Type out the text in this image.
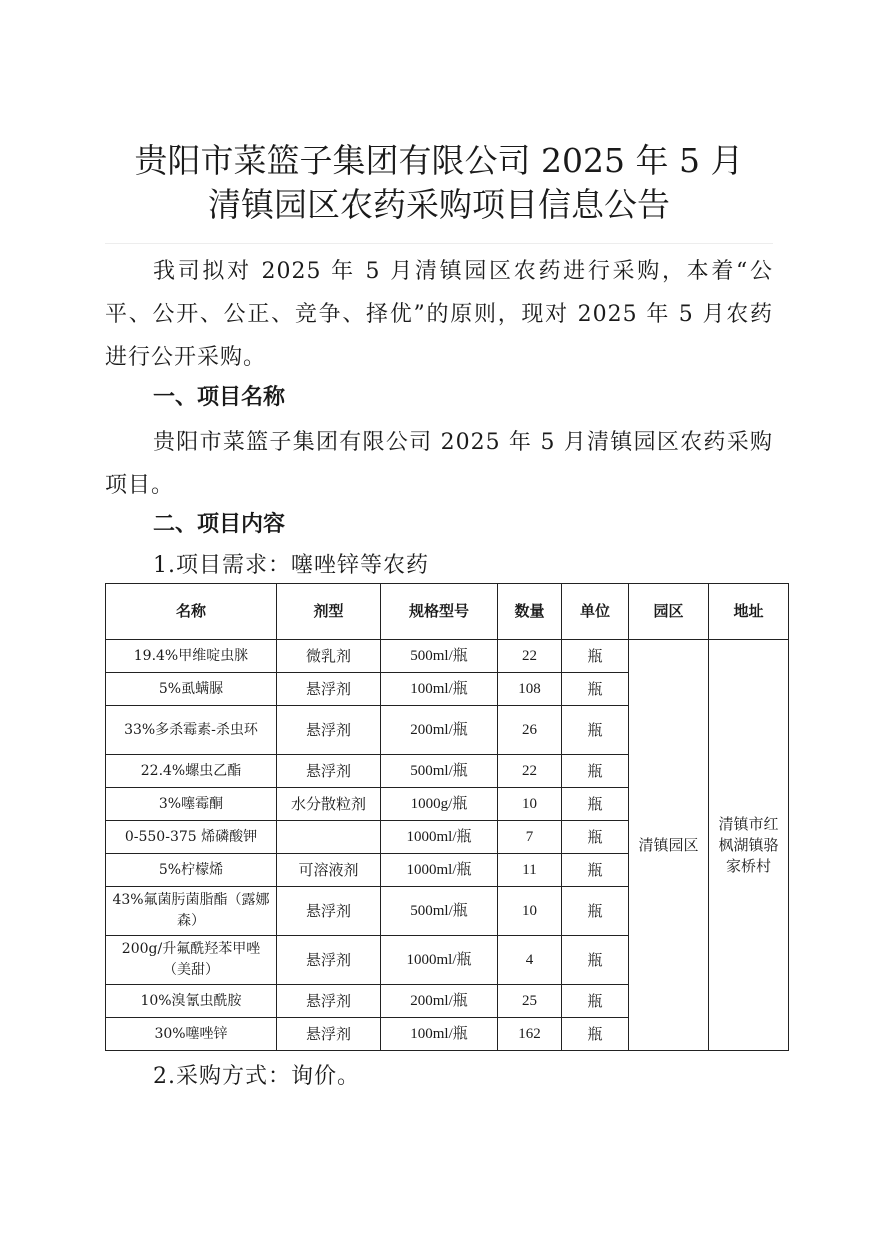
贵阳市菜篮子集团有限公司 2025 年 5 月
清镇园区农药采购项目信息公告
我司拟对 2025 年 5 月清镇园区农药进行采购，本着“公平、公开、公正、竞争、择优”的原则，现对 2025 年 5 月农药进行公开采购。
一、项目名称
贵阳市菜篮子集团有限公司 2025 年 5 月清镇园区农药采购项目。
二、项目内容
1.项目需求：噻唑锌等农药
名称	剂型	规格型号	数量	单位	园区	地址
19.4%甲维啶虫脒	微乳剂	500ml/瓶	22	瓶	清镇园区	清镇市红枫湖镇骆家桥村
5%虱螨脲	悬浮剂	100ml/瓶	108	瓶		
33%多杀霉素-杀虫环	悬浮剂	200ml/瓶	26	瓶		
22.4%螺虫乙酯	悬浮剂	500ml/瓶	22	瓶		
3%噻霉酮	水分散粒剂	1000g/瓶	10	瓶		
0-550-375 烯磷酸钾		1000ml/瓶	7	瓶		
5%柠檬烯	可溶液剂	1000ml/瓶	11	瓶		
43%氟菌肟菌脂酯（露娜森）	悬浮剂	500ml/瓶	10	瓶		
200g/升氟酰羟苯甲唑（美甜）	悬浮剂	1000ml/瓶	4	瓶		
10%溴氰虫酰胺	悬浮剂	200ml/瓶	25	瓶		
30%噻唑锌	悬浮剂	100ml/瓶	162	瓶		
2.采购方式：询价。
